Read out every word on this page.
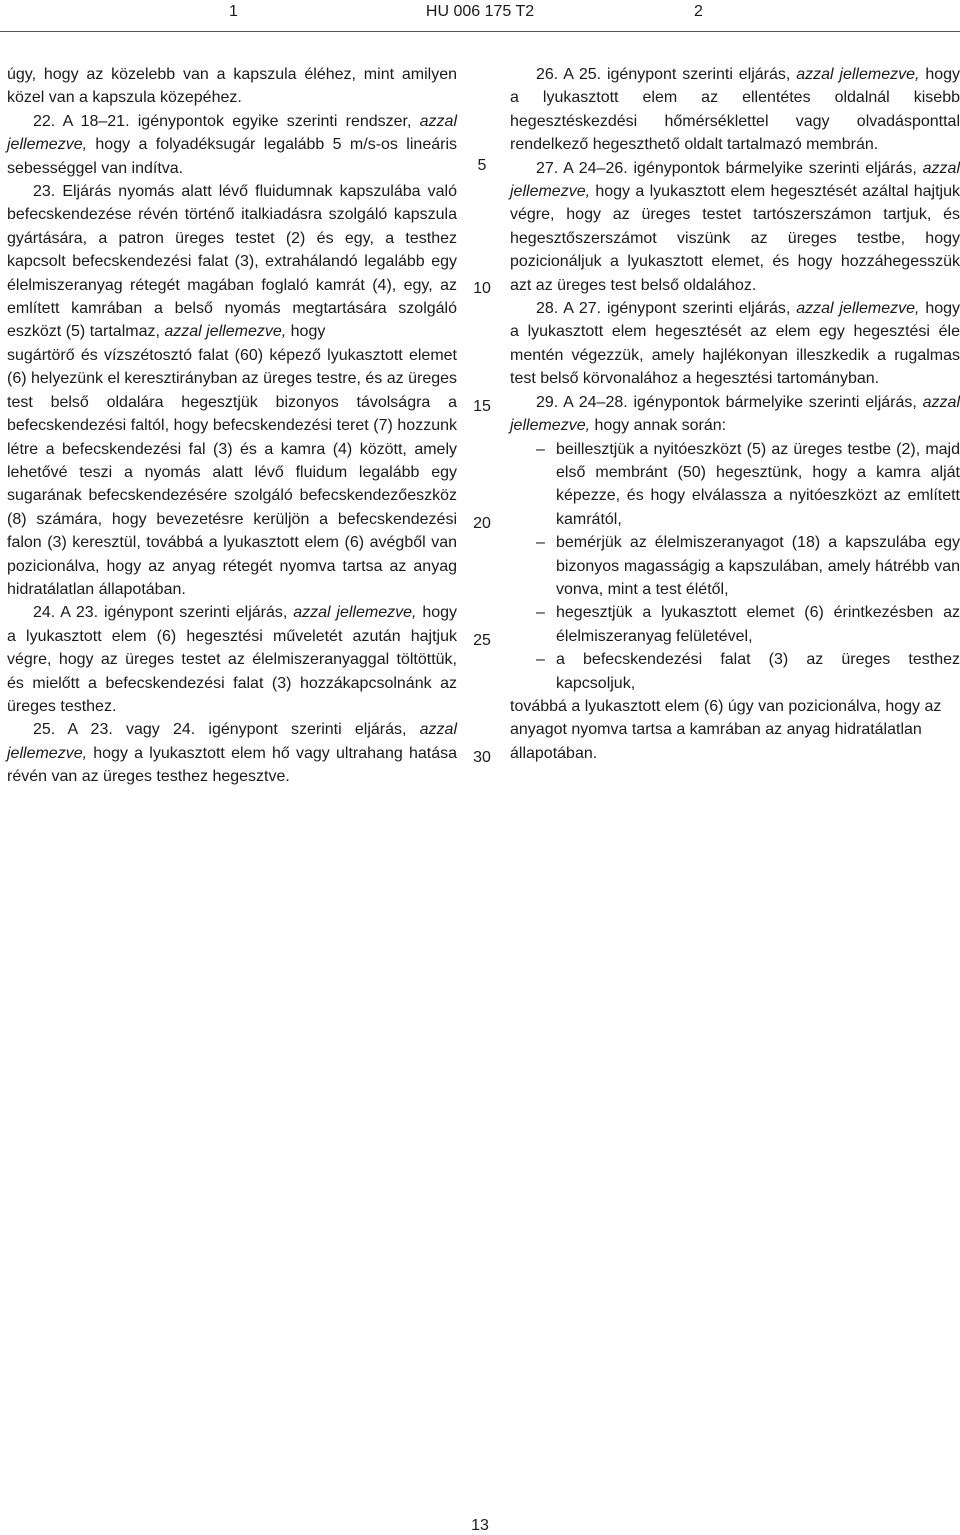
1	HU 006 175 T2	2

úgy, hogy az közelebb van a kapszula éléhez, mint amilyen közel van a kapszula közepéhez.

22. A 18–21. igénypontok egyike szerinti rendszer, azzal jellemezve, hogy a folyadéksugár legalább 5 m/s-os lineáris sebességgel van indítva.

23. Eljárás nyomás alatt lévő fluidumnak kapszulába való befecskendezése révén történő italkiadásra szolgáló kapszula gyártására, a patron üreges testet (2) és egy, a testhez kapcsolt befecskendezési falat (3), extrahálandó legalább egy élelmiszeranyag rétegét magában foglaló kamrát (4), egy, az említett kamrában a belső nyomás megtartására szolgáló eszközt (5) tartalmaz, azzal jellemezve, hogy

sugártörő és vízszétosztó falat (60) képező lyukasztott elemet (6) helyezünk el keresztirányban az üreges testre, és az üreges test belső oldalára hegesztjük bizonyos távolságra a befecskendezési faltól, hogy befecskendezési teret (7) hozzunk létre a befecskendezési fal (3) és a kamra (4) között, amely lehetővé teszi a nyomás alatt lévő fluidum legalább egy sugarának befecskendezésére szolgáló befecskendezőeszköz (8) számára, hogy bevezetésre kerüljön a befecskendezési falon (3) keresztül, továbbá a lyukasztott elem (6) avégből van pozicionálva, hogy az anyag rétegét nyomva tartsa az anyag hidratálatlan állapotában.

24. A 23. igénypont szerinti eljárás, azzal jellemezve, hogy a lyukasztott elem (6) hegesztési műveletét azután hajtjuk végre, hogy az üreges testet az élelmiszeranyaggal töltöttük, és mielőtt a befecskendezési falat (3) hozzákapcsolnánk az üreges testhez.

25. A 23. vagy 24. igénypont szerinti eljárás, azzal jellemezve, hogy a lyukasztott elem hő vagy ultrahang hatása révén van az üreges testhez hegesztve.

5
10
15
20
25
30

26. A 25. igénypont szerinti eljárás, azzal jellemezve, hogy a lyukasztott elem az ellentétes oldalnál kisebb hegesztéskezdési hőmérséklettel vagy olvadásponttal rendelkező hegeszthető oldalt tartalmazó membrán.

27. A 24–26. igénypontok bármelyike szerinti eljárás, azzal jellemezve, hogy a lyukasztott elem hegesztését azáltal hajtjuk végre, hogy az üreges testet tartószerszámon tartjuk, és hegesztőszerszámot viszünk az üreges testbe, hogy pozicionáljuk a lyukasztott elemet, és hogy hozzáhegesszük azt az üreges test belső oldalához.

28. A 27. igénypont szerinti eljárás, azzal jellemezve, hogy a lyukasztott elem hegesztését az elem egy hegesztési éle mentén végezzük, amely hajlékonyan illeszkedik a rugalmas test belső körvonalához a hegesztési tartományban.

29. A 24–28. igénypontok bármelyike szerinti eljárás, azzal jellemezve, hogy annak során:

– beillesztjük a nyitóeszközt (5) az üreges testbe (2), majd első membránt (50) hegesztünk, hogy a kamra alját képezze, és hogy elválassza a nyitóeszközt az említett kamrától,
– bemérjük az élelmiszeranyagot (18) a kapszulába egy bizonyos magasságig a kapszulában, amely hátrébb van vonva, mint a test élétől,
– hegesztjük a lyukasztott elemet (6) érintkezésben az élelmiszeranyag felületével,
– a befecskendezési falat (3) az üreges testhez kapcsoljuk,

továbbá a lyukasztott elem (6) úgy van pozicionálva, hogy az anyagot nyomva tartsa a kamrában az anyag hidratálatlan állapotában.

13
